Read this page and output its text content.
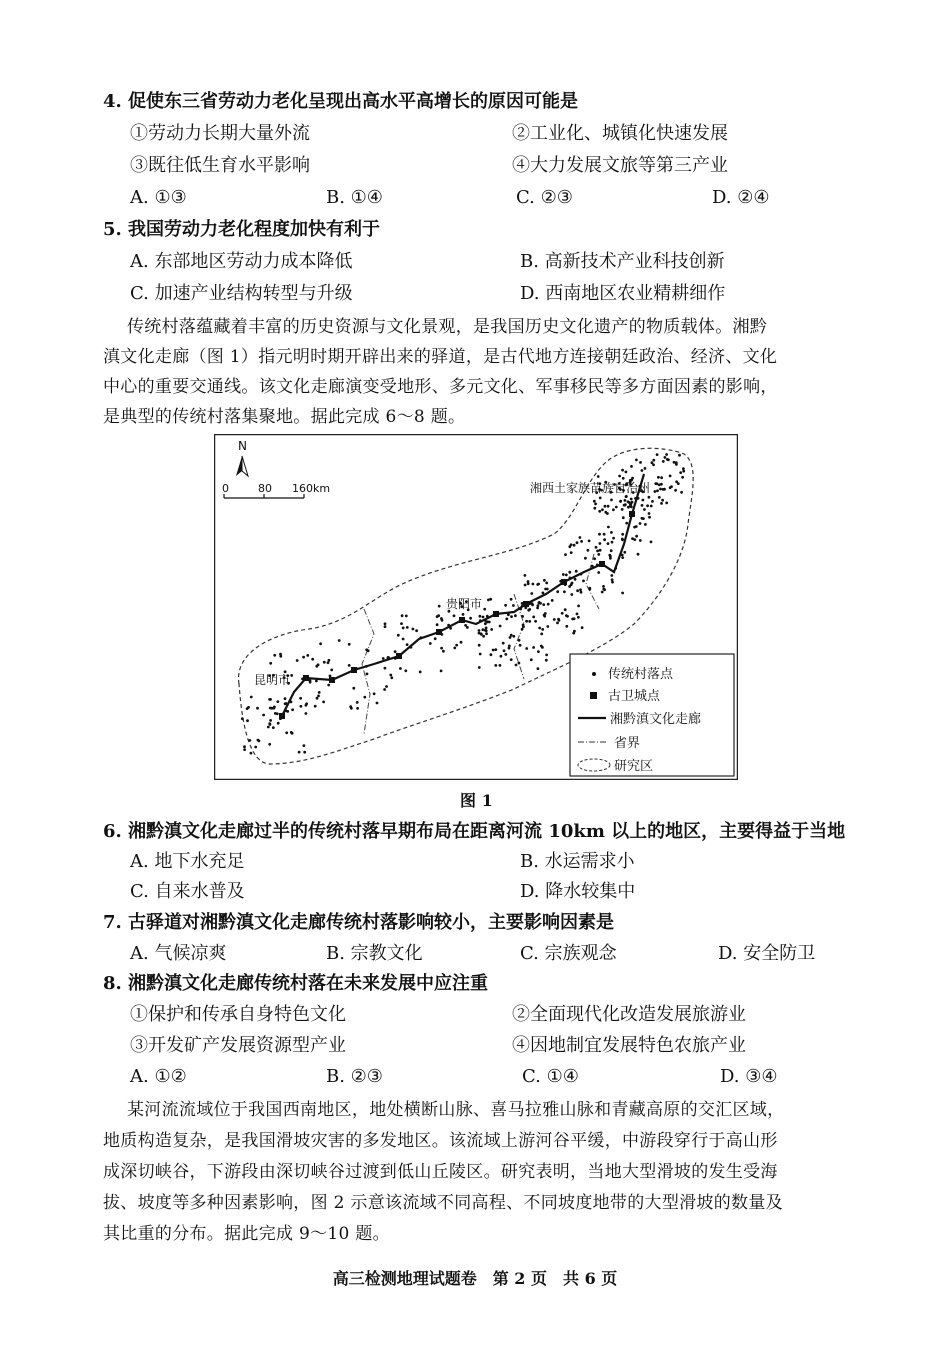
4. 促使东三省劳动力老化呈现出高水平高增长的原因可能是
①劳动力长期大量外流	②工业化、城镇化快速发展
③既往低生育水平影响	④大力发展文旅等第三产业
A. ①③	B. ①④	C. ②③	D. ②④
5. 我国劳动力老化程度加快有利于
A. 东部地区劳动力成本降低	B. 高新技术产业科技创新
C. 加速产业结构转型与升级	D. 西南地区农业精耕细作
传统村落蕴藏着丰富的历史资源与文化景观，是我国历史文化遗产的物质载体。湘黔
滇文化走廊（图 1）指元明时期开辟出来的驿道，是古代地方连接朝廷政治、经济、文化
中心的重要交通线。该文化走廊演变受地形、多元文化、军事移民等多方面因素的影响，
是典型的传统村落集聚地。据此完成 6～8 题。
N
0	80 160km	湘西土家族苗族自治州
贵阳市
昆明市	传统村落点
古卫城点
湘黔滇文化走廊
省界
研究区
图 1
6. 湘黔滇文化走廊过半的传统村落早期布局在距离河流 10km 以上的地区，主要得益于当地
A. 地下水充足	B. 水运需求小
C. 自来水普及	D. 降水较集中
7. 古驿道对湘黔滇文化走廊传统村落影响较小，主要影响因素是
A. 气候凉爽	B. 宗教文化	C. 宗族观念	D. 安全防卫
8. 湘黔滇文化走廊传统村落在未来发展中应注重
①保护和传承自身特色文化	②全面现代化改造发展旅游业
③开发矿产发展资源型产业	④因地制宜发展特色农旅产业
A. ①②	B. ②③	C. ①④	D. ③④
某河流流域位于我国西南地区，地处横断山脉、喜马拉雅山脉和青藏高原的交汇区域，
地质构造复杂，是我国滑坡灾害的多发地区。该流域上游河谷平缓，中游段穿行于高山形
成深切峡谷，下游段由深切峡谷过渡到低山丘陵区。研究表明，当地大型滑坡的发生受海
拔、坡度等多种因素影响，图 2 示意该流域不同高程、不同坡度地带的大型滑坡的数量及
其比重的分布。据此完成 9～10 题。
高三检测地理试题卷　第 2 页　共 6 页
